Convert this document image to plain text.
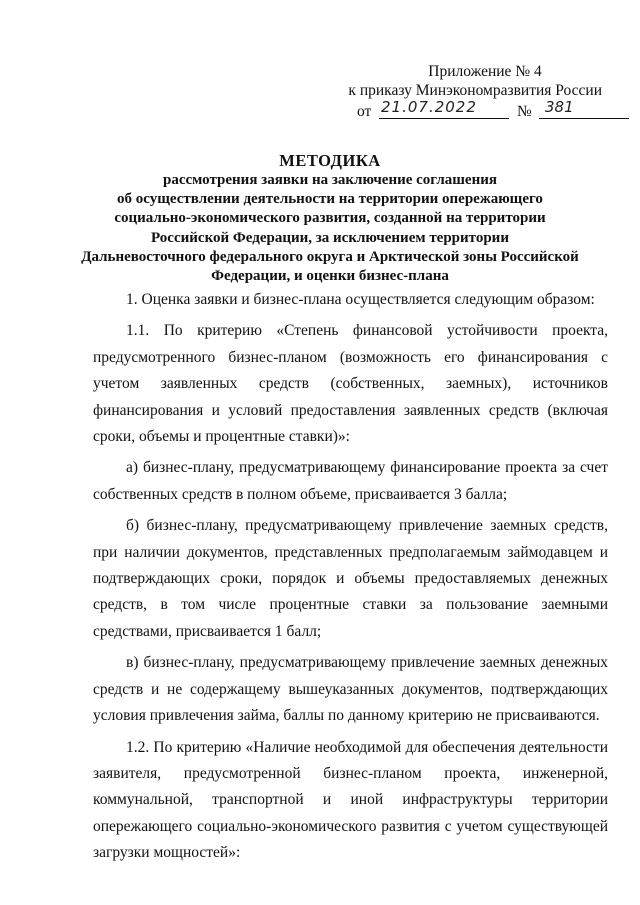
Приложение № 4
к приказу Минэкономразвития России
от 21.07.2022	№ 381
МЕТОДИКА
рассмотрения заявки на заключение соглашения
об осуществлении деятельности на территории опережающего
социально-экономического развития, созданной на территории
Российской Федерации, за исключением территории
Дальневосточного федерального округа и Арктической зоны Российской
Федерации, и оценки бизнес-плана

1. Оценка заявки и бизнес-плана осуществляется следующим образом:

1.1. По критерию «Степень финансовой устойчивости проекта, предусмотренного бизнес-планом (возможность его финансирования с учетом заявленных средств (собственных, заемных), источников финансирования и условий предоставления заявленных средств (включая сроки, объемы и процентные ставки)»:

а) бизнес-плану, предусматривающему финансирование проекта за счет собственных средств в полном объеме, присваивается 3 балла;

б) бизнес-плану, предусматривающему привлечение заемных средств, при наличии документов, представленных предполагаемым займодавцем и подтверждающих сроки, порядок и объемы предоставляемых денежных средств, в том числе процентные ставки за пользование заемными средствами, присваивается 1 балл;

в) бизнес-плану, предусматривающему привлечение заемных денежных средств и не содержащему вышеуказанных документов, подтверждающих условия привлечения займа, баллы по данному критерию не присваиваются.

1.2. По критерию «Наличие необходимой для обеспечения деятельности заявителя, предусмотренной бизнес-планом проекта, инженерной, коммунальной, транспортной и иной инфраструктуры территории опережающего социально-экономического развития с учетом существующей загрузки мощностей»:
